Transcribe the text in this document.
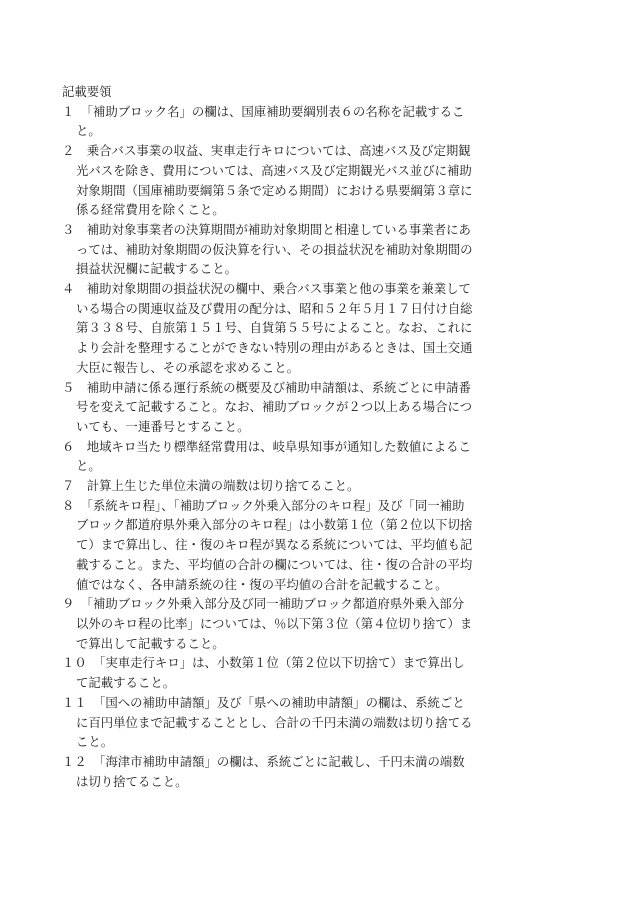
記載要領
１　「補助ブロック名」の欄は、国庫補助要綱別表６の名称を記載するこ
と。
２　乗合バス事業の収益、実車走行キロについては、高速バス及び定期観
光バスを除き、費用については、高速バス及び定期観光バス並びに補助
対象期間（国庫補助要綱第５条で定める期間）における県要綱第３章に
係る経常費用を除くこと。
３　補助対象事業者の決算期間が補助対象期間と相違している事業者にあ
っては、補助対象期間の仮決算を行い、その損益状況を補助対象期間の
損益状況欄に記載すること。
４　補助対象期間の損益状況の欄中、乗合バス事業と他の事業を兼業して
いる場合の関連収益及び費用の配分は、昭和５２年５月１７日付け自総
第３３８号、自旅第１５１号、自貨第５５号によること。なお、これに
より会計を整理することができない特別の理由があるときは、国土交通
大臣に報告し、その承認を求めること。
５　補助申請に係る運行系統の概要及び補助申請額は、系統ごとに申請番
号を変えて記載すること。なお、補助ブロックが２つ以上ある場合につ
いても、一連番号とすること。
６　地域キロ当たり標準経常費用は、岐阜県知事が通知した数値によるこ
と。
７　計算上生じた単位未満の端数は切り捨てること。
８　「系統キロ程」、「補助ブロック外乗入部分のキロ程」及び「同一補助
ブロック都道府県外乗入部分のキロ程」は小数第１位（第２位以下切捨
て）まで算出し、往・復のキロ程が異なる系統については、平均値も記
載すること。また、平均値の合計の欄については、往・復の合計の平均
値ではなく、各申請系統の往・復の平均値の合計を記載すること。
９　「補助ブロック外乗入部分及び同一補助ブロック都道府県外乗入部分
以外のキロ程の比率」については、％以下第３位（第４位切り捨て）ま
で算出して記載すること。
１０　「実車走行キロ」は、小数第１位（第２位以下切捨て）まで算出し
て記載すること。
１１　「国への補助申請額」及び「県への補助申請額」の欄は、系統ごと
に百円単位まで記載することとし、合計の千円未満の端数は切り捨てる
こと。
１２　「海津市補助申請額」の欄は、系統ごとに記載し、千円未満の端数
は切り捨てること。
